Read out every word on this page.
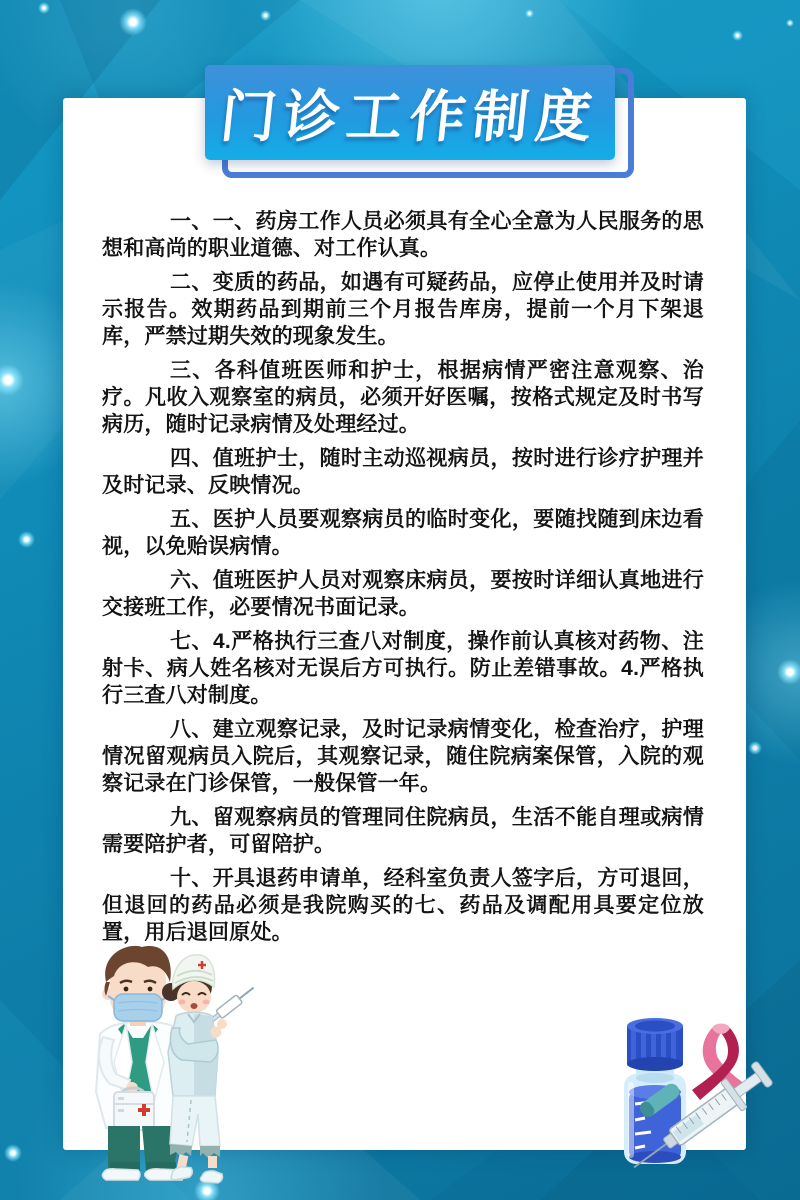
门诊工作制度

一、一、药房工作人员必须具有全心全意为人民服务的思想和高尚的职业道德、对工作认真。

二、变质的药品，如遇有可疑药品，应停止使用并及时请示报告。效期药品到期前三个月报告库房，提前一个月下架退库，严禁过期失效的现象发生。

三、各科值班医师和护士，根据病情严密注意观察、治疗。凡收入观察室的病员，必须开好医嘱，按格式规定及时书写病历，随时记录病情及处理经过。

四、值班护士，随时主动巡视病员，按时进行诊疗护理并及时记录、反映情况。

五、医护人员要观察病员的临时变化，要随找随到床边看视，以免贻误病情。

六、值班医护人员对观察床病员，要按时详细认真地进行交接班工作，必要情况书面记录。

七、4.严格执行三查八对制度，操作前认真核对药物、注射卡、病人姓名核对无误后方可执行。防止差错事故。4.严格执行三查八对制度。

八、建立观察记录，及时记录病情变化，检查治疗，护理情况留观病员入院后，其观察记录，随住院病案保管，入院的观察记录在门诊保管，一般保管一年。

九、留观察病员的管理同住院病员，生活不能自理或病情需要陪护者，可留陪护。

十、开具退药申请单，经科室负责人签字后，方可退回，但退回的药品必须是我院购买的七、药品及调配用具要定位放置，用后退回原处。
